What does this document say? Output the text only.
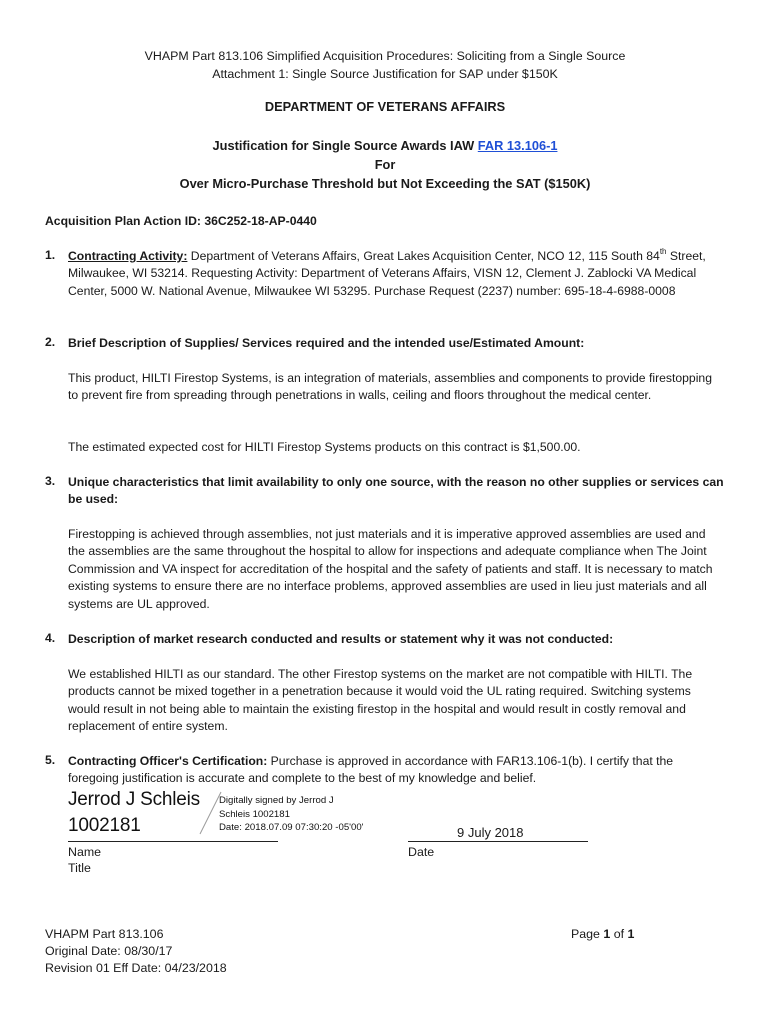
VHAPM Part 813.106 Simplified Acquisition Procedures: Soliciting from a Single Source
Attachment 1: Single Source Justification for SAP under $150K
DEPARTMENT OF VETERANS AFFAIRS
Justification for Single Source Awards IAW FAR 13.106-1
For
Over Micro-Purchase Threshold but Not Exceeding the SAT ($150K)
Acquisition Plan Action ID: 36C252-18-AP-0440
1. Contracting Activity: Department of Veterans Affairs, Great Lakes Acquisition Center, NCO 12, 115 South 84th Street, Milwaukee, WI 53214. Requesting Activity: Department of Veterans Affairs, VISN 12, Clement J. Zablocki VA Medical Center, 5000 W. National Avenue, Milwaukee WI 53295. Purchase Request (2237) number: 695-18-4-6988-0008
2. Brief Description of Supplies/ Services required and the intended use/Estimated Amount:
This product, HILTI Firestop Systems, is an integration of materials, assemblies and components to provide firestopping to prevent fire from spreading through penetrations in walls, ceiling and floors throughout the medical center.
The estimated expected cost for HILTI Firestop Systems products on this contract is $1,500.00.
3. Unique characteristics that limit availability to only one source, with the reason no other supplies or services can be used:
Firestopping is achieved through assemblies, not just materials and it is imperative approved assemblies are used and the assemblies are the same throughout the hospital to allow for inspections and adequate compliance when The Joint Commission and VA inspect for accreditation of the hospital and the safety of patients and staff. It is necessary to match existing systems to ensure there are no interface problems, approved assemblies are used in lieu just materials and all systems are UL approved.
4. Description of market research conducted and results or statement why it was not conducted:
We established HILTI as our standard. The other Firestop systems on the market are not compatible with HILTI. The products cannot be mixed together in a penetration because it would void the UL rating required. Switching systems would result in not being able to maintain the existing firestop in the hospital and would result in costly removal and replacement of entire system.
5. Contracting Officer's Certification: Purchase is approved in accordance with FAR13.106-1(b). I certify that the foregoing justification is accurate and complete to the best of my knowledge and belief.
Jerrod J Schleis
1002181
Digitally signed by Jerrod J
Schleis 1002181
Date: 2018.07.09 07:30:20 -05'00'	9 July 2018
Name
Title
Date
VHAPM Part 813.106
Original Date: 08/30/17
Revision 01 Eff Date: 04/23/2018
Page 1 of 1
